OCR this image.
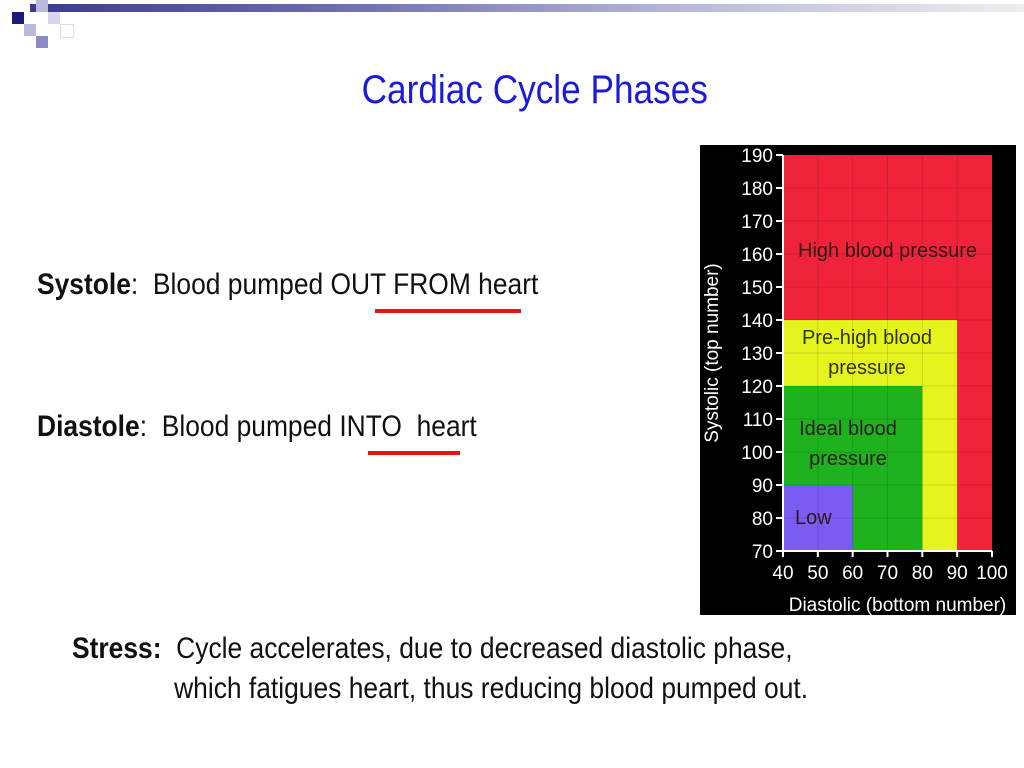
Cardiac Cycle Phases
Systole:  Blood pumped OUT FROM heart
Diastole:  Blood pumped INTO  heart
Stress:  Cycle accelerates, due to decreased diastolic phase,
which fatigues heart, thus reducing blood pumped out.
High blood pressure
Pre-high blood
pressure
Ideal blood
pressure
Low
190
180
170
160
150
140
130
120
110
100
90
80
70
40 50 60 70 80 90 100
Diastolic (bottom number)
Systolic (top number)
